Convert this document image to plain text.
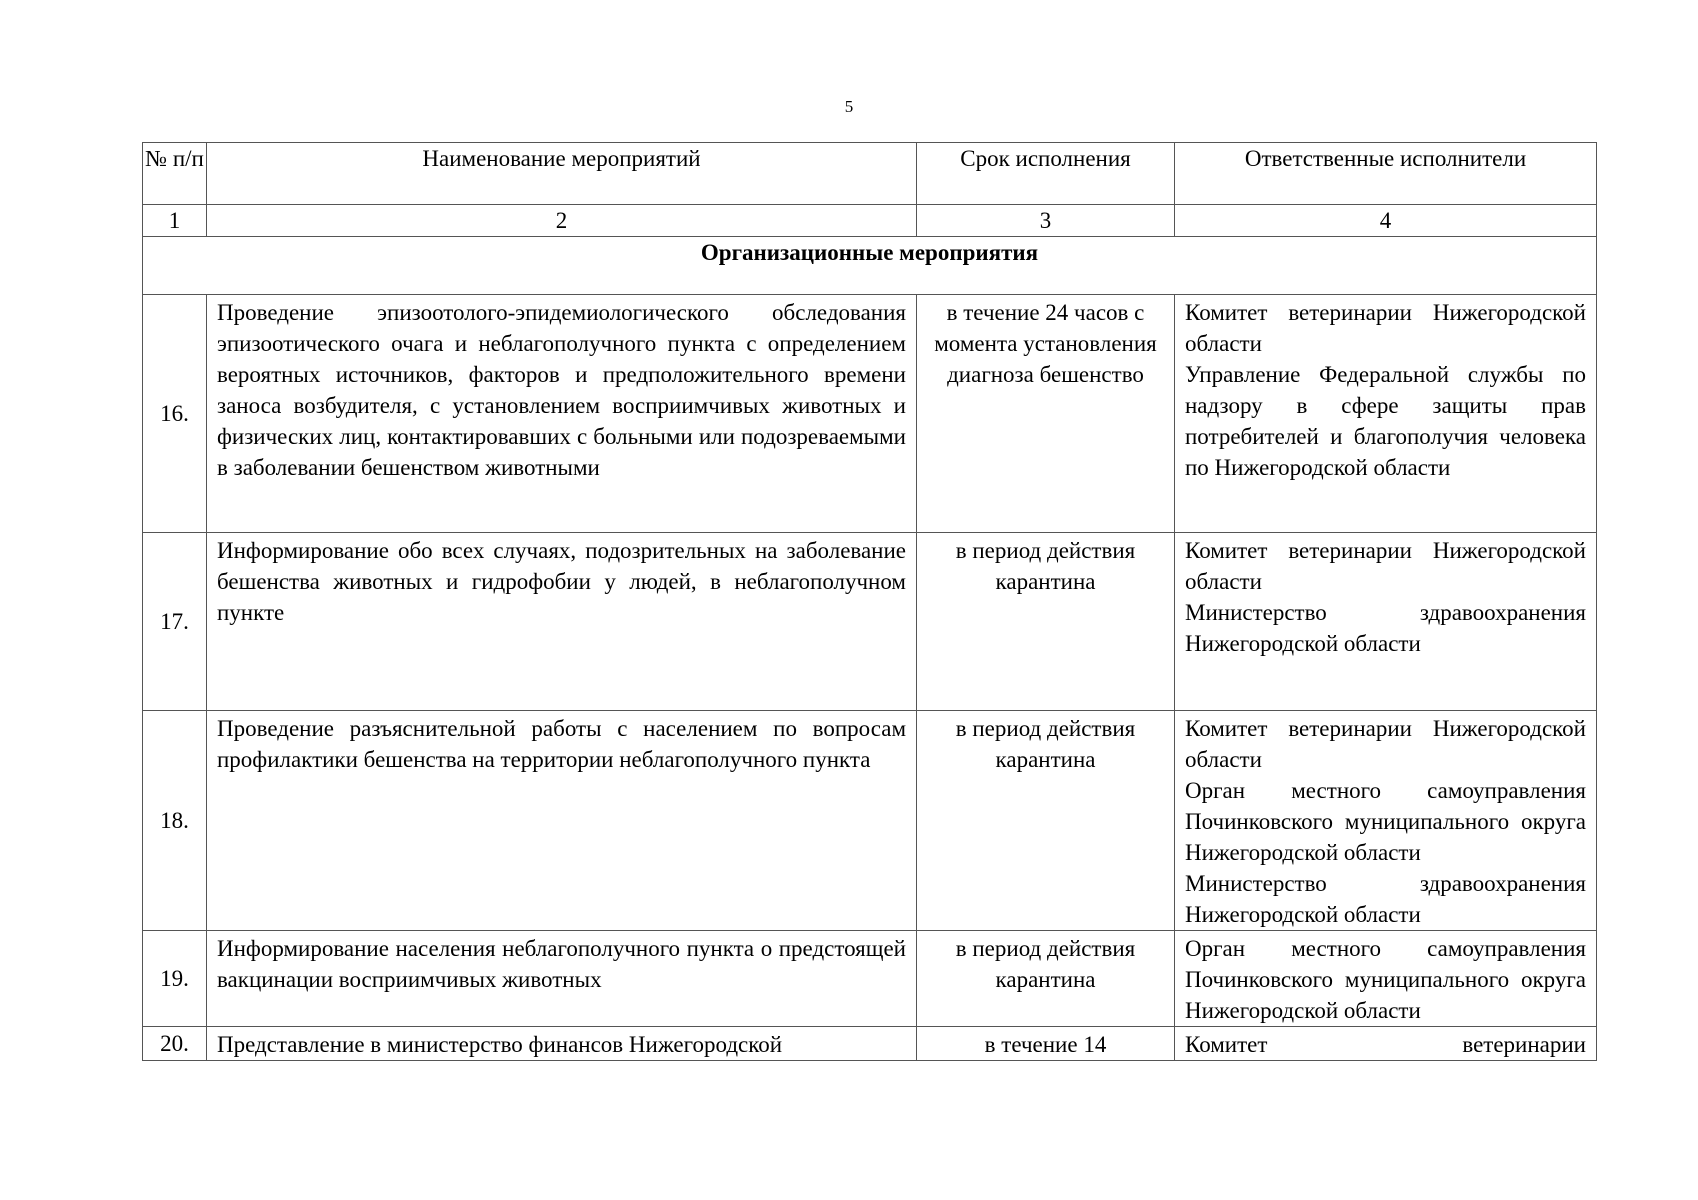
5
№ п/п	Наименование мероприятий	Срок исполнения	Ответственные исполнители
1	2	3	4
Организационные мероприятия			
16.	Проведение эпизоотолого-эпидемиологического обследования эпизоотического очага и неблагополучного пункта с определением вероятных источников, факторов и предположительного времени заноса возбудителя, с установлением восприимчивых животных и физических лиц, контактировавших с больными или подозреваемыми в заболевании бешенством животными	в течение 24 часов с момента установления диагноза бешенство	Комитет ветеринарии Нижегородской области
Управление Федеральной службы по надзору в сфере защиты прав потребителей и благополучия человека по Нижегородской области

17.	Информирование обо всех случаях, подозрительных на заболевание бешенства животных и гидрофобии у людей, в неблагополучном пункте	в период действия карантина	Комитет ветеринарии Нижегородской области
Министерство здравоохранения Нижегородской области

18.	Проведение разъяснительной работы с населением по вопросам профилактики бешенства на территории неблагополучного пункта	в период действия карантина	Комитет ветеринарии Нижегородской области
Орган местного самоуправления Починковского муниципального округа Нижегородской области
Министерство здравоохранения Нижегородской области

19.	Информирование населения неблагополучного пункта о предстоящей вакцинации восприимчивых животных	в период действия карантина	Орган местного самоуправления Починковского муниципального округа Нижегородской области

20.	Представление в министерство финансов Нижегородской	в течение 14	Комитет ветеринарии
